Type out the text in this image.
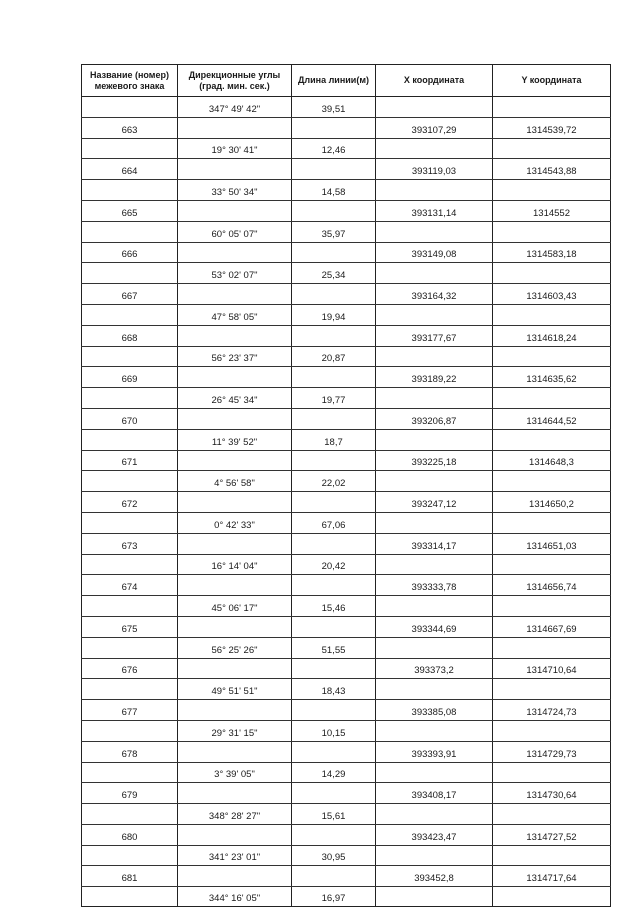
Название (номер) межевого знака	Дирекционные углы (град. мин. сек.)	Длина линии(м)	X координата	Y координата
	347° 49' 42"	39,51		
663			393107,29	1314539,72
	19° 30' 41"	12,46		
664			393119,03	1314543,88
	33° 50' 34"	14,58		
665			393131,14	1314552
	60° 05' 07"	35,97		
666			393149,08	1314583,18
	53° 02' 07"	25,34		
667			393164,32	1314603,43
	47° 58' 05"	19,94		
668			393177,67	1314618,24
	56° 23' 37"	20,87		
669			393189,22	1314635,62
	26° 45' 34"	19,77		
670			393206,87	1314644,52
	11° 39' 52"	18,7		
671			393225,18	1314648,3
	4° 56' 58"	22,02		
672			393247,12	1314650,2
	0° 42' 33"	67,06		
673			393314,17	1314651,03
	16° 14' 04"	20,42		
674			393333,78	1314656,74
	45° 06' 17"	15,46		
675			393344,69	1314667,69
	56° 25' 26"	51,55		
676			393373,2	1314710,64
	49° 51' 51"	18,43		
677			393385,08	1314724,73
	29° 31' 15"	10,15		
678			393393,91	1314729,73
	3° 39' 05"	14,29		
679			393408,17	1314730,64
	348° 28' 27"	15,61		
680			393423,47	1314727,52
	341° 23' 01"	30,95		
681			393452,8	1314717,64
	344° 16' 05"	16,97		
